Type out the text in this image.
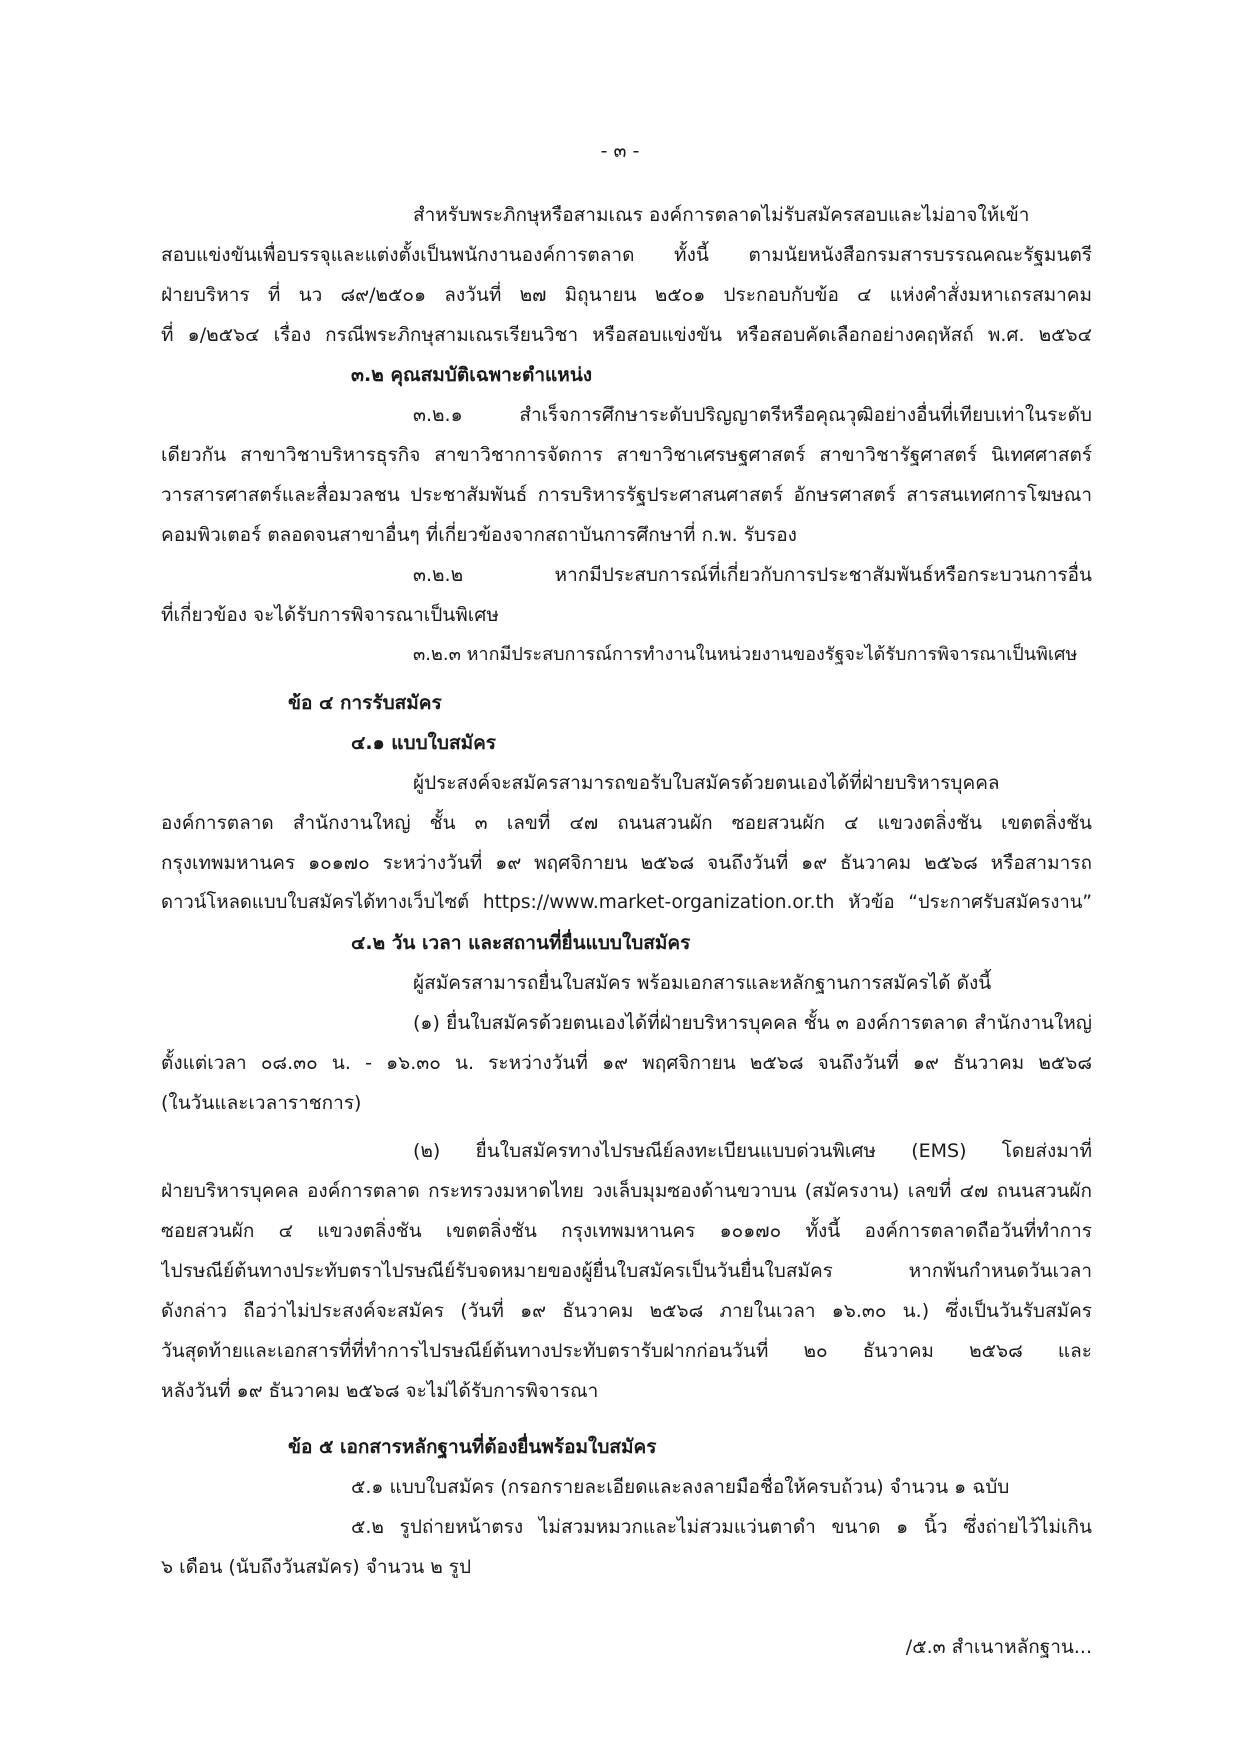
- ๓ -
สำหรับพระภิกษุหรือสามเณร องค์การตลาดไม่รับสมัครสอบและไม่อาจให้เข้า
สอบแข่งขันเพื่อบรรจุและแต่งตั้งเป็นพนักงานองค์การตลาด ทั้งนี้ ตามนัยหนังสือกรมสารบรรณคณะรัฐมนตรี
ฝ่ายบริหาร ที่ นว ๘๙/๒๕๐๑ ลงวันที่ ๒๗ มิถุนายน ๒๕๐๑ ประกอบกับข้อ ๔ แห่งคำสั่งมหาเถรสมาคม
ที่ ๑/๒๕๖๔ เรื่อง กรณีพระภิกษุสามเณรเรียนวิชา หรือสอบแข่งขัน หรือสอบคัดเลือกอย่างคฤหัสถ์ พ.ศ. ๒๕๖๔
๓.๒ คุณสมบัติเฉพาะตำแหน่ง
๓.๒.๑ สำเร็จการศึกษาระดับปริญญาตรีหรือคุณวุฒิอย่างอื่นที่เทียบเท่าในระดับ
เดียวกัน สาขาวิชาบริหารธุรกิจ สาขาวิชาการจัดการ สาขาวิชาเศรษฐศาสตร์ สาขาวิชารัฐศาสตร์ นิเทศศาสตร์
วารสารศาสตร์และสื่อมวลชน ประชาสัมพันธ์ การบริหารรัฐประศาสนศาสตร์ อักษรศาสตร์ สารสนเทศการโฆษณา
คอมพิวเตอร์ ตลอดจนสาขาอื่นๆ ที่เกี่ยวข้องจากสถาบันการศึกษาที่ ก.พ. รับรอง
๓.๒.๒ หากมีประสบการณ์ที่เกี่ยวกับการประชาสัมพันธ์หรือกระบวนการอื่น
ที่เกี่ยวข้อง จะได้รับการพิจารณาเป็นพิเศษ
๓.๒.๓ หากมีประสบการณ์การทำงานในหน่วยงานของรัฐจะได้รับการพิจารณาเป็นพิเศษ
ข้อ ๔ การรับสมัคร
๔.๑ แบบใบสมัคร
ผู้ประสงค์จะสมัครสามารถขอรับใบสมัครด้วยตนเองได้ที่ฝ่ายบริหารบุคคล
องค์การตลาด สำนักงานใหญ่ ชั้น ๓ เลขที่ ๔๗ ถนนสวนผัก ซอยสวนผัก ๔ แขวงตลิ่งชัน เขตตลิ่งชัน
กรุงเทพมหานคร ๑๐๑๗๐ ระหว่างวันที่ ๑๙ พฤศจิกายน ๒๕๖๘ จนถึงวันที่ ๑๙ ธันวาคม ๒๕๖๘ หรือสามารถ
ดาวน์โหลดแบบใบสมัครได้ทางเว็บไซต์ https://www.market-organization.or.th หัวข้อ “ประกาศรับสมัครงาน”
๔.๒ วัน เวลา และสถานที่ยื่นแบบใบสมัคร
ผู้สมัครสามารถยื่นใบสมัคร พร้อมเอกสารและหลักฐานการสมัครได้ ดังนี้
(๑) ยื่นใบสมัครด้วยตนเองได้ที่ฝ่ายบริหารบุคคล ชั้น ๓ องค์การตลาด สำนักงานใหญ่
ตั้งแต่เวลา ๐๘.๓๐ น. - ๑๖.๓๐ น. ระหว่างวันที่ ๑๙ พฤศจิกายน ๒๕๖๘ จนถึงวันที่ ๑๙ ธันวาคม ๒๕๖๘
(ในวันและเวลาราชการ)
(๒) ยื่นใบสมัครทางไปรษณีย์ลงทะเบียนแบบด่วนพิเศษ (EMS) โดยส่งมาที่
ฝ่ายบริหารบุคคล องค์การตลาด กระทรวงมหาดไทย วงเล็บมุมซองด้านขวาบน (สมัครงาน) เลขที่ ๔๗ ถนนสวนผัก
ซอยสวนผัก ๔ แขวงตลิ่งชัน เขตตลิ่งชัน กรุงเทพมหานคร ๑๐๑๗๐ ทั้งนี้ องค์การตลาดถือวันที่ทำการ
ไปรษณีย์ต้นทางประทับตราไปรษณีย์รับจดหมายของผู้ยื่นใบสมัครเป็นวันยื่นใบสมัคร หากพ้นกำหนดวันเวลา
ดังกล่าว ถือว่าไม่ประสงค์จะสมัคร (วันที่ ๑๙ ธันวาคม ๒๕๖๘ ภายในเวลา ๑๖.๓๐ น.) ซึ่งเป็นวันรับสมัคร
วันสุดท้ายและเอกสารที่ที่ทำการไปรษณีย์ต้นทางประทับตรารับฝากก่อนวันที่ ๒๐ ธันวาคม ๒๕๖๘ และ
หลังวันที่ ๑๙ ธันวาคม ๒๕๖๘ จะไม่ได้รับการพิจารณา
ข้อ ๕ เอกสารหลักฐานที่ต้องยื่นพร้อมใบสมัคร
๕.๑ แบบใบสมัคร (กรอกรายละเอียดและลงลายมือชื่อให้ครบถ้วน) จำนวน ๑ ฉบับ
๕.๒ รูปถ่ายหน้าตรง ไม่สวมหมวกและไม่สวมแว่นตาดำ ขนาด ๑ นิ้ว ซึ่งถ่ายไว้ไม่เกิน
๖ เดือน (นับถึงวันสมัคร) จำนวน ๒ รูป
/๕.๓ สำเนาหลักฐาน...
